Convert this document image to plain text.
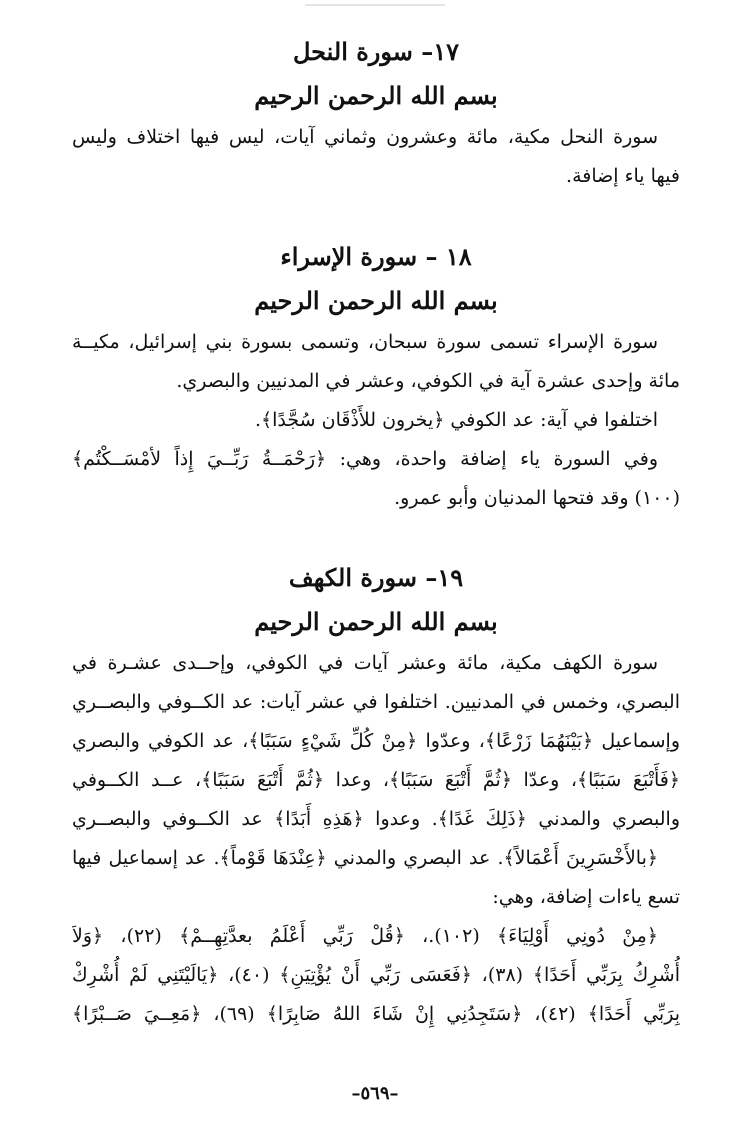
١٧– سورة النحل
بسم الله الرحمن الرحيم
سورة النحل مكية، مائة وعشرون وثماني آيات، ليس فيها اختلاف وليس
فيها ياء إضافة.
١٨ – سورة الإسراء
بسم الله الرحمن الرحيم
سورة الإسراء تسمى سورة سبحان، وتسمى بسورة بني إسرائيل، مكيــة
مائة وإحدى عشرة آية في الكوفي، وعشر في المدنيين والبصري.
اختلفوا في آية: عد الكوفي ﴿يخرون للأَذْقَان سُجَّدًا﴾.
وفي السورة ياء إضافة واحدة، وهي: ﴿رَحْمَــةُ رَبِّــيَ إِذاً لأمْسَــكْتُم﴾
(١٠٠) وقد فتحها المدنيان وأبو عمرو.
١٩– سورة الكهف
بسم الله الرحمن الرحيم
سورة الكهف مكية، مائة وعشر آيات في الكوفي، وإحــدى عشـرة في
البصري، وخمس في المدنيين. اختلفوا في عشر آيات: عد الكــوفي والبصــري
وإسماعيل ﴿بَيْنَهُمَا زَرْعًا﴾، وعدّوا ﴿مِنْ كُلِّ شَيْءٍ سَبَبًا﴾، عد الكوفي والبصري
﴿فَأَتْبَعَ سَبَبًا﴾، وعدّا ﴿ثُمَّ أَتْبَعَ سَبَبًا﴾، وعدا ﴿ثُمَّ أَتْبَعَ سَبَبًا﴾، عــد الكــوفي
والبصري والمدني ﴿ذَلِكَ غَدًا﴾. وعدوا ﴿هَذِهِ أَبَدًا﴾ عد الكــوفي والبصــري
﴿بالأَخْسَرِينَ أَعْمَالاً﴾. عد البصري والمدني ﴿عِنْدَهَا قَوْماً﴾. عد إسماعيل فيها
تسع ياءات إضافة، وهي:
﴿مِنْ دُونِي أَوْلِيَاءَ﴾ (١٠٢).، ﴿قُلْ رَبِّي أَعْلَمُ بعدَّتِهِــمْ﴾ (٢٢)، ﴿وَلاَ
أُشْرِكُ بِرَبِّي أَحَدًا﴾ (٣٨)، ﴿فَعَسَى رَبِّي أَنْ يُؤْتِيَنِ﴾ (٤٠)، ﴿يَالَيْتَنِي لَمْ أُشْرِكْ
بِرَبِّي أَحَدًا﴾ (٤٢)، ﴿سَتَجِدُنِي إِنْ شَاءَ اللهُ صَابِرًا﴾ (٦٩)، ﴿مَعِــيَ صَــبْرًا﴾
–٥٦٩–
